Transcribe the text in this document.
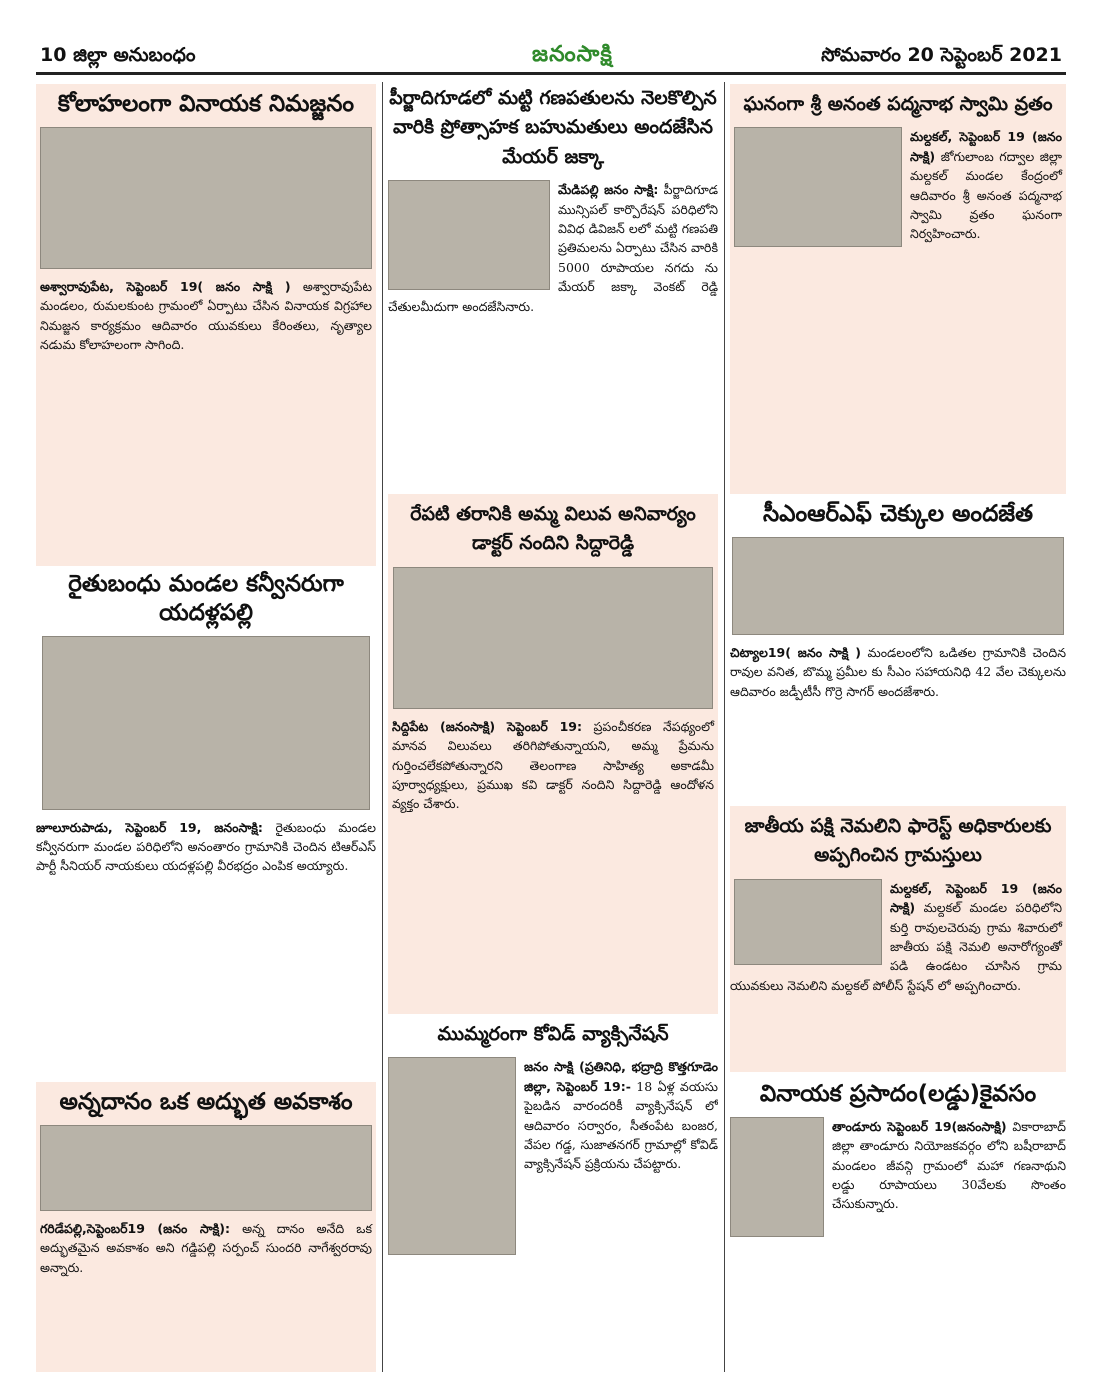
10 జిల్లా అనుబంధం	జనంసాక్షి	సోమవారం 20 సెప్టెంబర్ 2021
కోలాహలంగా వినాయక నిమజ్జనం

అశ్వారావుపేట, సెప్టెంబర్ 19( జనం సాక్షి ) అశ్వారావుపేట మండలం, రుమలకుంట గ్రామంలో ఏర్పాటు చేసిన వినాయక విగ్రహాల నిమజ్జన కార్యక్రమం ఆదివారం యువకులు కేరింతలు, నృత్యాల నడుమ కోలాహలంగా సాగింది.

రైతుబంధు మండల కన్వీనరుగా యదళ్లపల్లి

జూలూరుపాడు, సెప్టెంబర్ 19, జనంసాక్షి: రైతుబంధు మండల కన్వీనరుగా మండల పరిధిలోని అనంతారం గ్రామానికి చెందిన టిఆర్ఎస్ పార్టీ సీనియర్ నాయకులు యదళ్లపల్లి వీరభద్రం ఎంపిక అయ్యారు.

అన్నదానం ఒక అద్భుత అవకాశం

గరిడేపల్లి,సెప్టెంబర్19 (జనం సాక్షి): అన్న దానం అనేది ఒక అద్భుతమైన అవకాశం అని గడ్డిపల్లి సర్పంచ్ సుందరి నాగేశ్వరరావు అన్నారు.

పీర్జాదిగూడలో మట్టి గణపతులను నెలకొల్పిన వారికి ప్రోత్సాహక బహుమతులు అందజేసిన మేయర్ జక్కా

మేడిపల్లి జనం సాక్షి: పీర్జాదిగూడ మున్సిపల్ కార్పొరేషన్ పరిధిలోని వివిధ డివిజన్ లలో మట్టి గణపతి ప్రతిమలను ఏర్పాటు చేసిన వారికి 5000 రూపాయల నగదు ను మేయర్ జక్కా వెంకట్ రెడ్డి చేతులమీదుగా అందజేసినారు.

రేపటి తరానికి అమ్మ విలువ అనివార్యం డాక్టర్ నందిని సిద్దారెడ్డి

సిద్దిపేట (జనంసాక్షి) సెప్టెంబర్ 19: ప్రపంచీకరణ నేపథ్యంలో మానవ విలువలు తరిగిపోతున్నాయని, అమ్మ ప్రేమను గుర్తించలేకపోతున్నారని తెలంగాణ సాహిత్య అకాడమీ పూర్వాధ్యక్షులు, ప్రముఖ కవి డాక్టర్ నందిని సిద్దారెడ్డి ఆందోళన వ్యక్తం చేశారు.

ముమ్మరంగా కోవిడ్ వ్యాక్సినేషన్

జనం సాక్షి (ప్రతినిధి, భద్రాద్రి కొత్తగూడెం జిల్లా, సెప్టెంబర్ 19:- 18 ఏళ్ల వయసు పైబడిన వారందరికీ వ్యాక్సినేషన్ లో ఆదివారం సర్వారం, సీతంపేట బంజర, వేపల గడ్డ, సుజాతనగర్ గ్రామాల్లో కోవిడ్ వ్యాక్సినేషన్ ప్రక్రియను చేపట్టారు.

ఘనంగా శ్రీ అనంత పద్మనాభ స్వామి వ్రతం

మల్దకల్, సెప్టెంబర్ 19 (జనం సాక్షి) జోగులాంబ గద్వాల జిల్లా మల్దకల్ మండల కేంద్రంలో ఆదివారం శ్రీ అనంత పద్మనాభ స్వామి వ్రతం ఘనంగా నిర్వహించారు.

సీఎంఆర్ఎఫ్ చెక్కుల అందజేత

చిట్యాల19( జనం సాక్షి ) మండలంలోని ఒడితల గ్రామానికి చెందిన రావుల వనిత, బొమ్మ ప్రమీల కు సీఎం సహాయనిధి 42 వేల చెక్కులను ఆదివారం జడ్పీటీసీ గొర్రె సాగర్ అందజేశారు.

జాతీయ పక్షి నెమలిని ఫారెస్ట్ అధికారులకు అప్పగించిన గ్రామస్తులు

మల్దకల్, సెప్టెంబర్ 19 (జనం సాక్షి) మల్దకల్ మండల పరిధిలోని కుర్తి రావులచెరువు గ్రామ శివారులో జాతీయ పక్షి నెమలి అనారోగ్యంతో పడి ఉండటం చూసిన గ్రామ యువకులు నెమలిని మల్దకల్ పోలీస్ స్టేషన్ లో అప్పగించారు.

వినాయక ప్రసాదం(లడ్డు)కైవసం

తాండూరు సెప్టెంబర్ 19(జనంసాక్షి) వికారాబాద్ జిల్లా తాండూరు నియోజకవర్గం లోని బషీరాబాద్ మండలం జీవన్గి గ్రామంలో మహా గణనాథుని లడ్డు రూపాయలు 30వేలకు సొంతం చేసుకున్నారు.
